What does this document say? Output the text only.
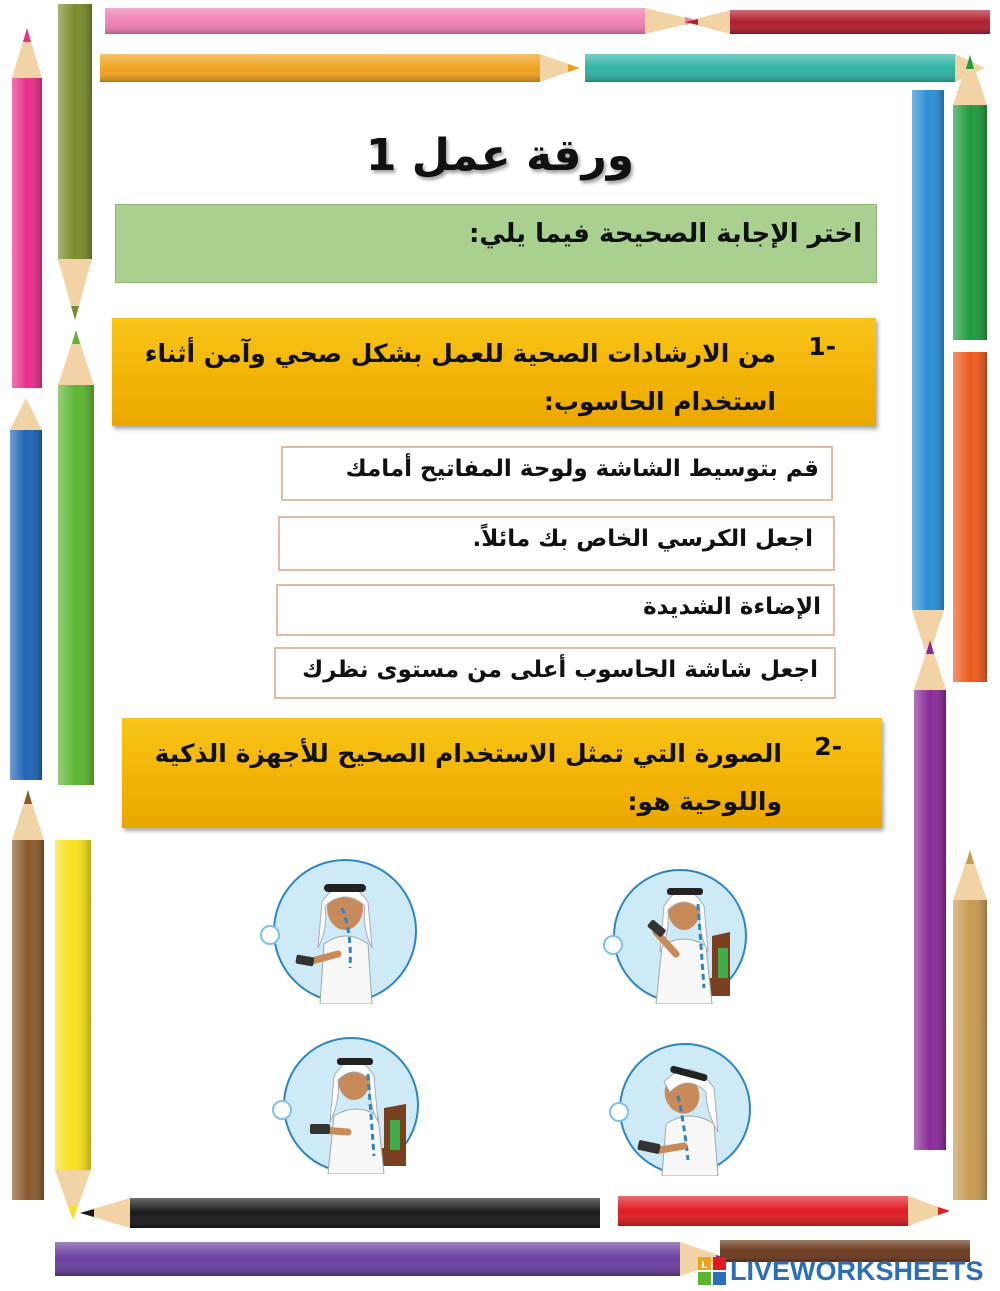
ورقة عمل 1
اختر الإجابة الصحيحة فيما يلي:
1-
من الارشادات الصحية للعمل بشكل صحي وآمن أثناء
استخدام الحاسوب:
قم بتوسيط الشاشة ولوحة المفاتيح أمامك
اجعل الكرسي الخاص بك مائلاً.
الإضاءة الشديدة
اجعل شاشة الحاسوب أعلى من مستوى نظرك
2-
الصورة التي تمثل الاستخدام الصحيح للأجهزة الذكية
واللوحية هو:
L LIVEWORKSHEETS
